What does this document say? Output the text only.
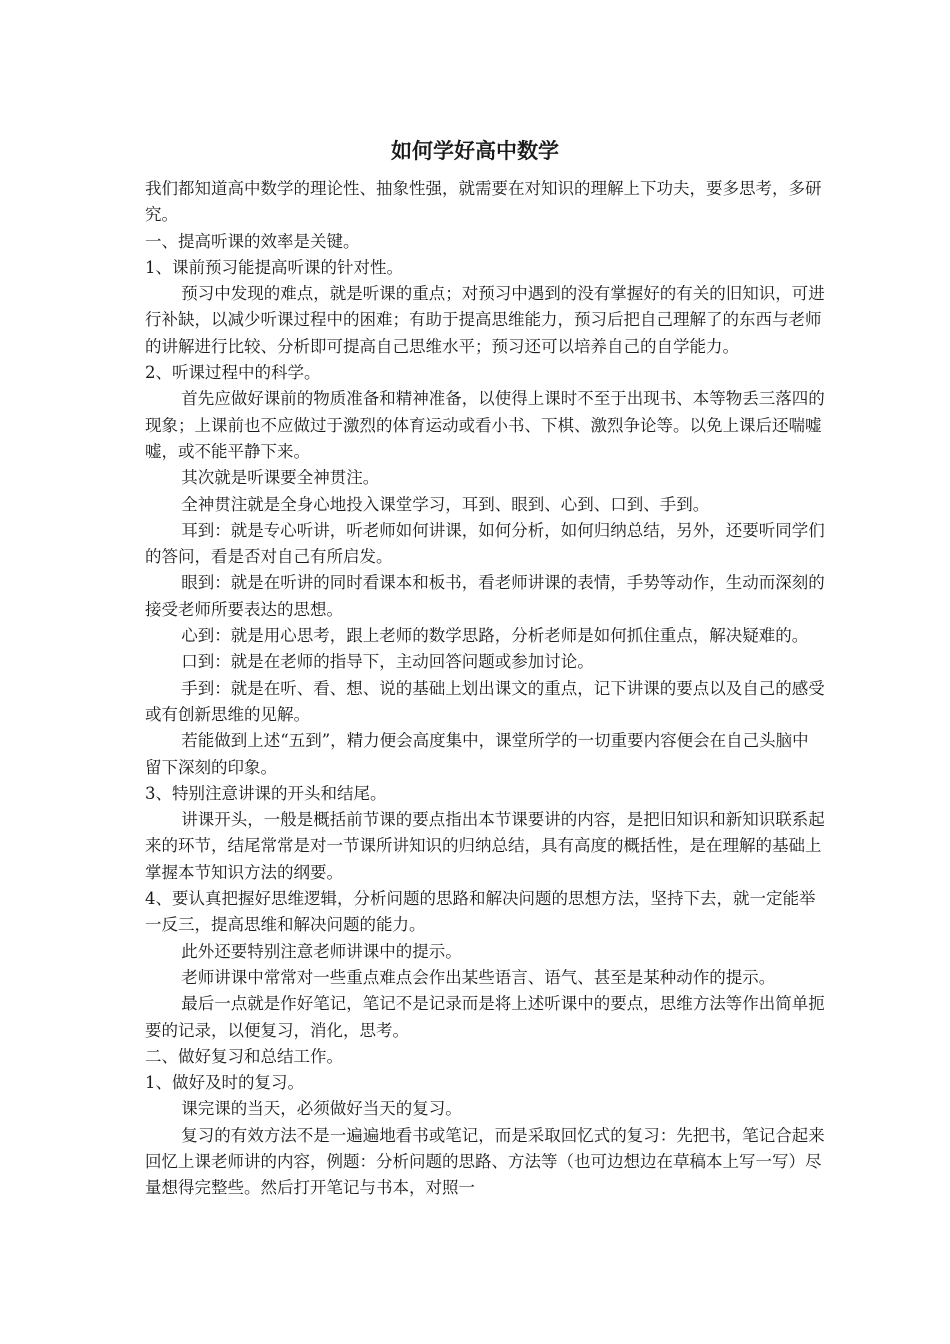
如何学好高中数学

我们都知道高中数学的理论性、抽象性强，就需要在对知识的理解上下功夫，要多思考，多研究。

一、提高听课的效率是关键。

1、课前预习能提高听课的针对性。

预习中发现的难点，就是听课的重点；对预习中遇到的没有掌握好的有关的旧知识，可进行补缺，以减少听课过程中的困难；有助于提高思维能力，预习后把自己理解了的东西与老师的讲解进行比较、分析即可提高自己思维水平；预习还可以培养自己的自学能力。

2、听课过程中的科学。

首先应做好课前的物质准备和精神准备，以使得上课时不至于出现书、本等物丢三落四的现象；上课前也不应做过于激烈的体育运动或看小书、下棋、激烈争论等。以免上课后还喘嘘嘘，或不能平静下来。

其次就是听课要全神贯注。

全神贯注就是全身心地投入课堂学习，耳到、眼到、心到、口到、手到。

耳到：就是专心听讲，听老师如何讲课，如何分析，如何归纳总结，另外，还要听同学们的答问，看是否对自己有所启发。

眼到：就是在听讲的同时看课本和板书，看老师讲课的表情，手势等动作，生动而深刻的接受老师所要表达的思想。

心到：就是用心思考，跟上老师的数学思路，分析老师是如何抓住重点，解决疑难的。

口到：就是在老师的指导下，主动回答问题或参加讨论。

手到：就是在听、看、想、说的基础上划出课文的重点，记下讲课的要点以及自己的感受或有创新思维的见解。

若能做到上述“五到”，精力便会高度集中，课堂所学的一切重要内容便会在自己头脑中留下深刻的印象。

3、特别注意讲课的开头和结尾。

讲课开头，一般是概括前节课的要点指出本节课要讲的内容，是把旧知识和新知识联系起来的环节，结尾常常是对一节课所讲知识的归纳总结，具有高度的概括性，是在理解的基础上掌握本节知识方法的纲要。

4、要认真把握好思维逻辑，分析问题的思路和解决问题的思想方法，坚持下去，就一定能举一反三，提高思维和解决问题的能力。

此外还要特别注意老师讲课中的提示。

老师讲课中常常对一些重点难点会作出某些语言、语气、甚至是某种动作的提示。

最后一点就是作好笔记，笔记不是记录而是将上述听课中的要点，思维方法等作出简单扼要的记录，以便复习，消化，思考。

二、做好复习和总结工作。

1、做好及时的复习。

课完课的当天，必须做好当天的复习。

复习的有效方法不是一遍遍地看书或笔记，而是采取回忆式的复习：先把书，笔记合起来回忆上课老师讲的内容，例题：分析问题的思路、方法等（也可边想边在草稿本上写一写）尽量想得完整些。然后打开笔记与书本，对照一
